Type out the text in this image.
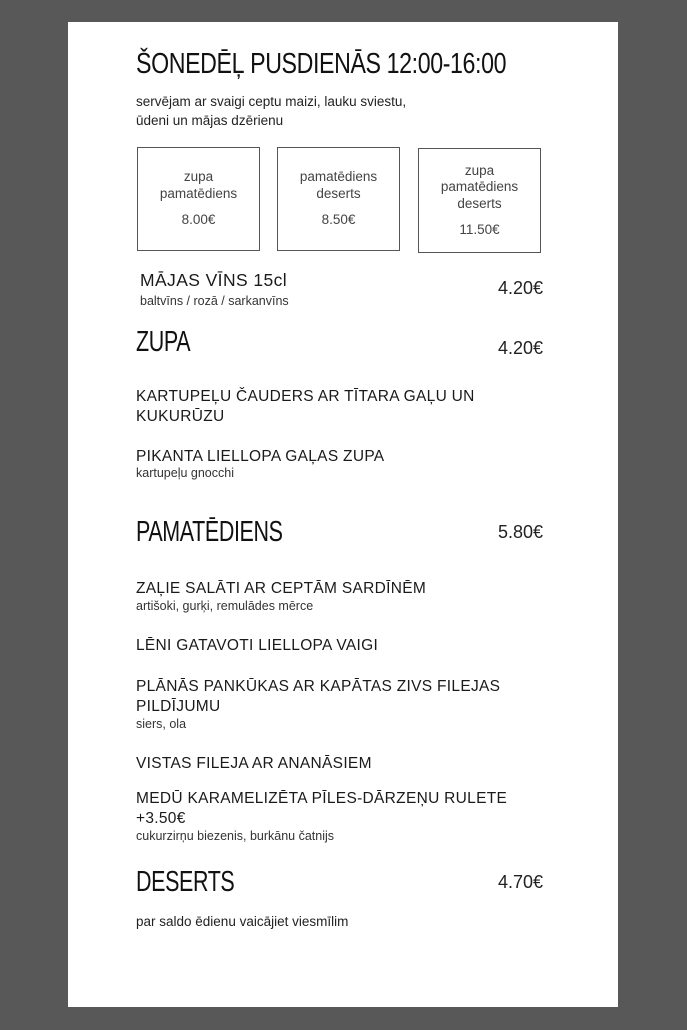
ŠONEDĒĻ PUSDIENĀS 12:00-16:00
servējam ar svaigi ceptu maizi, lauku sviestu,
ūdeni un mājas dzērienu
zupa
pamatēdiens
8.00€
pamatēdiens
deserts
8.50€
zupa
pamatēdiens
deserts
11.50€
MĀJAS VĪNS 15cl
baltvīns / rozā / sarkanvīns
4.20€
ZUPA	4.20€
KARTUPEĻU ČAUDERS AR TĪTARA GAĻU UN
KUKURŪZU
PIKANTA LIELLOPA GAĻAS ZUPA
kartupeļu gnocchi
PAMATĒDIENS	5.80€
ZAĻIE SALĀTI AR CEPTĀM SARDĪNĒM
artišoki, gurķi, remulādes mērce
LĒNI GATAVOTI LIELLOPA VAIGI
PLĀNĀS PANKŪKAS AR KAPĀTAS ZIVS FILEJAS
PILDĪJUMU
siers, ola
VISTAS FILEJA AR ANANĀSIEM
MEDŪ KARAMELIZĒTA PĪLES-DĀRZEŅU RULETE
+3.50€
cukurzirņu biezenis, burkānu čatnijs
DESERTS	4.70€
par saldo ēdienu vaicājiet viesmīlim
